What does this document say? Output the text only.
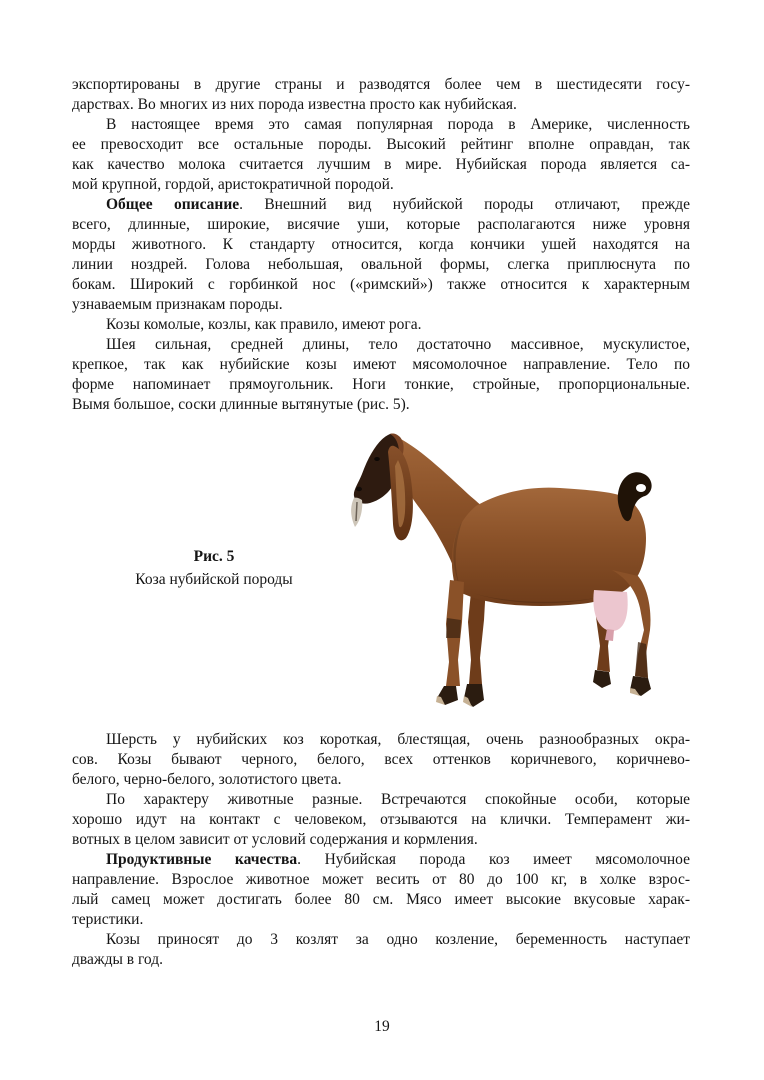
экспортированы в другие страны и разводятся более чем в шестидесяти госу-
дарствах. Во многих из них порода известна просто как нубийская.
В настоящее время это самая популярная порода в Америке, численность
ее превосходит все остальные породы. Высокий рейтинг вполне оправдан, так
как качество молока считается лучшим в мире. Нубийская порода является са-
мой крупной, гордой, аристократичной породой.
Общее описание. Внешний вид нубийской породы отличают, прежде
всего, длинные, широкие, висячие уши, которые располагаются ниже уровня
морды животного. К стандарту относится, когда кончики ушей находятся на
линии ноздрей. Голова небольшая, овальной формы, слегка приплюснута по
бокам. Широкий с горбинкой нос («римский») также относится к характерным
узнаваемым признакам породы.
Козы комолые, козлы, как правило, имеют рога.
Шея сильная, средней длины, тело достаточно массивное, мускулистое,
крепкое, так как нубийские козы имеют мясомолочное направление. Тело по
форме напоминает прямоугольник. Ноги тонкие, стройные, пропорциональные.
Вымя большое, соски длинные вытянутые (рис. 5).
Рис. 5
Коза нубийской породы
Шерсть у нубийских коз короткая, блестящая, очень разнообразных окра-
сов. Козы бывают черного, белого, всех оттенков коричневого, коричнево-
белого, черно-белого, золотистого цвета.
По характеру животные разные. Встречаются спокойные особи, которые
хорошо идут на контакт с человеком, отзываются на клички. Темперамент жи-
вотных в целом зависит от условий содержания и кормления.
Продуктивные качества. Нубийская порода коз имеет мясомолочное
направление. Взрослое животное может весить от 80 до 100 кг, в холке взрос-
лый самец может достигать более 80 см. Мясо имеет высокие вкусовые харак-
теристики.
Козы приносят до 3 козлят за одно козление, беременность наступает
дважды в год.
19
